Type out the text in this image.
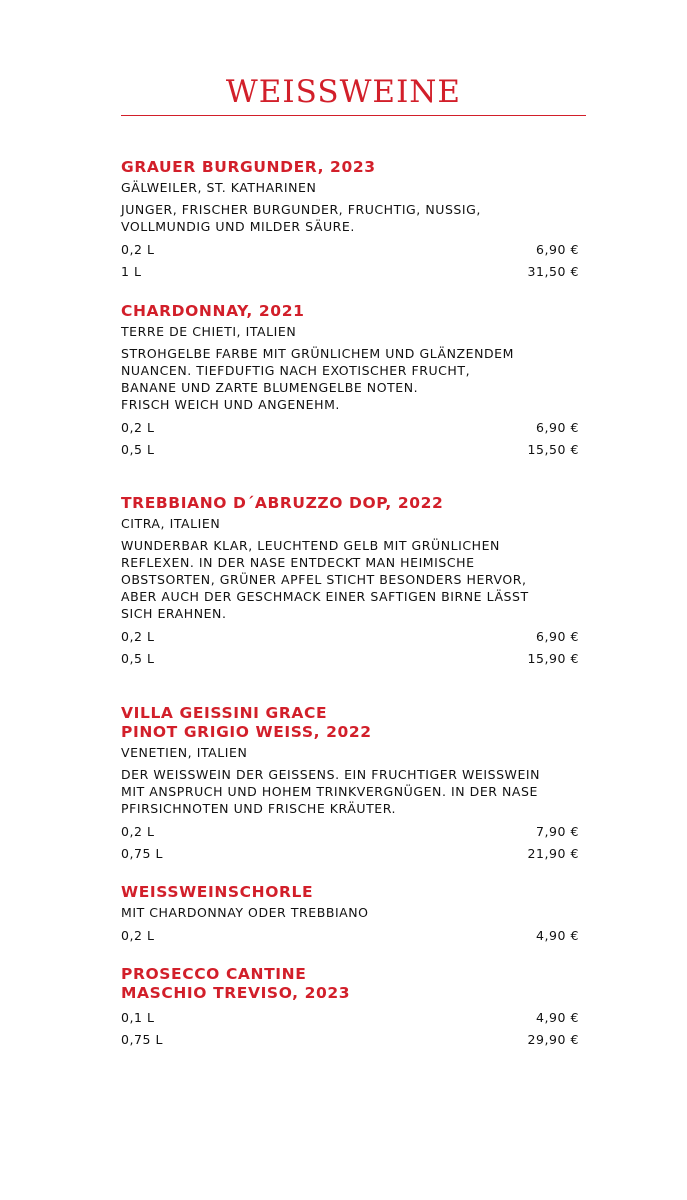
WEISSWEINE
GRAUER BURGUNDER, 2023
GÄLWEILER, ST. KATHARINEN
JUNGER, FRISCHER BURGUNDER, FRUCHTIG, NUSSIG,
VOLLMUNDIG UND MILDER SÄURE.
0,2 L	6,90 €
1 L	31,50 €
CHARDONNAY, 2021
TERRE DE CHIETI, ITALIEN
STROHGELBE FARBE MIT GRÜNLICHEM UND GLÄNZENDEM
NUANCEN. TIEFDUFTIG NACH EXOTISCHER FRUCHT,
BANANE UND ZARTE BLUMENGELBE NOTEN.
FRISCH WEICH UND ANGENEHM.
0,2 L	6,90 €
0,5 L	15,50 €
TREBBIANO D´ABRUZZO DOP, 2022
CITRA, ITALIEN
WUNDERBAR KLAR, LEUCHTEND GELB MIT GRÜNLICHEN
REFLEXEN. IN DER NASE ENTDECKT MAN HEIMISCHE
OBSTSORTEN, GRÜNER APFEL STICHT BESONDERS HERVOR,
ABER AUCH DER GESCHMACK EINER SAFTIGEN BIRNE LÄSST
SICH ERAHNEN.
0,2 L	6,90 €
0,5 L	15,90 €
VILLA GEISSINI GRACE
PINOT GRIGIO WEISS, 2022
VENETIEN, ITALIEN
DER WEISSWEIN DER GEISSENS. EIN FRUCHTIGER WEISSWEIN
MIT ANSPRUCH UND HOHEM TRINKVERGNÜGEN. IN DER NASE
PFIRSICHNOTEN UND FRISCHE KRÄUTER.
0,2 L	7,90 €
0,75 L	21,90 €
WEISSWEINSCHORLE
MIT CHARDONNAY ODER TREBBIANO
0,2 L	4,90 €
PROSECCO CANTINE
MASCHIO TREVISO, 2023
0,1 L	4,90 €
0,75 L	29,90 €
